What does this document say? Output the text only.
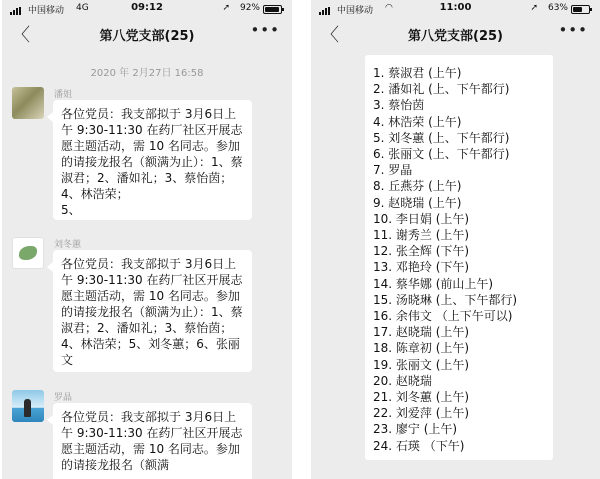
中国移动 4G	09:12	➚ 92%
〈	第八党支部(25)	•••
2020 年 2月27日 16:58
潘姐
各位党员：我支部拟于 3月6日上午 9:30-11:30 在药厂社区开展志愿主题活动，需 10 名同志。参加的请接龙报名（额满为止）：1、蔡淑君；2、潘如礼；3、蔡怡茵；4、林浩荣；
5、
刘冬蕙
各位党员：我支部拟于 3月6日上午 9:30-11:30 在药厂社区开展志愿主题活动，需 10 名同志。参加的请接龙报名（额满为止）：1、蔡淑君；2、潘如礼；3、蔡怡茵；4、林浩荣；5、刘冬蕙；6、张丽文
罗晶
各位党员：我支部拟于 3月6日上午 9:30-11:30 在药厂社区开展志愿主题活动，需 10 名同志。参加的请接龙报名（额满
中国移动 ◠	11:00	➚ 63%
〈	第八党支部(25)	•••
1. 蔡淑君 (上午)
2. 潘如礼 (上、下午都行)
3. 蔡怡茵
4. 林浩荣 (上午)
5. 刘冬蕙 (上、下午都行)
6. 张丽文 (上、下午都行)
7. 罗晶
8. 丘燕芬 (上午)
9. 赵晓瑞 (上午)
10. 李日娟 (上午)
11. 谢秀兰 (上午)
12. 张全辉 (下午)
13. 邓艳玲 (下午)
14. 蔡华娜 (前山上午)
15. 汤晓琳 (上、下午都行)
16. 余伟文 （上下午可以)
17. 赵晓瑞 (上午)
18. 陈章初 (上午)
19. 张丽文 (上午)
20. 赵晓瑞
21. 刘冬蕙 (上午)
22. 刘爱萍 (上午)
23. 廖宁 (上午)
24. 石瑛 （下午)
